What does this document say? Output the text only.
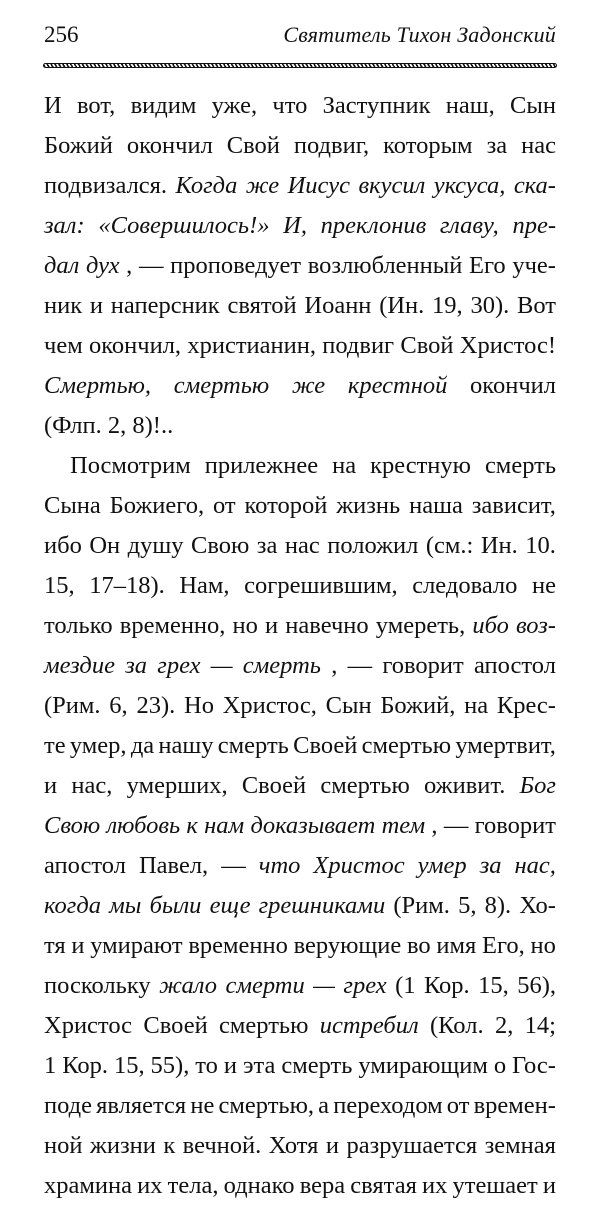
256	Святитель Тихон Задонский
И вот, видим уже, что Заступник наш, Сын
Божий окончил Свой подвиг, которым за нас
подвизался. Когда же Иисус вкусил уксуса, ска-
зал: «Совершилось!» И, преклонив главу, пре-
дал дух , — проповедует возлюбленный Его уче-
ник и наперсник святой Иоанн (Ин. 19, 30). Вот
чем окончил, христианин, подвиг Свой Христос!
Смертью, смертью же крестной окончил
(Флп. 2, 8)!..
Посмотрим прилежнее на крестную смерть
Сына Божиего, от которой жизнь наша зависит,
ибо Он душу Свою за нас положил (см.: Ин. 10.
15, 17–18). Нам, согрешившим, следовало не
только временно, но и навечно умереть, ибо воз-
мездие за грех — смерть , — говорит апостол
(Рим. 6, 23). Но Христос, Сын Божий, на Крес-
те умер, да нашу смерть Своей смертью умертвит,
и нас, умерших, Своей смертью оживит. Бог
Свою любовь к нам доказывает тем , — говорит
апостол Павел, — что Христос умер за нас,
когда мы были еще грешниками (Рим. 5, 8). Хо-
тя и умирают временно верующие во имя Его, но
поскольку жало смерти — грех (1 Кор. 15, 56),
Христос Своей смертью истребил (Кол. 2, 14;
1 Кор. 15, 55), то и эта смерть умирающим о Гос-
поде является не смертью, а переходом от времен-
ной жизни к вечной. Хотя и разрушается земная
храмина их тела, однако вера святая их утешает и
